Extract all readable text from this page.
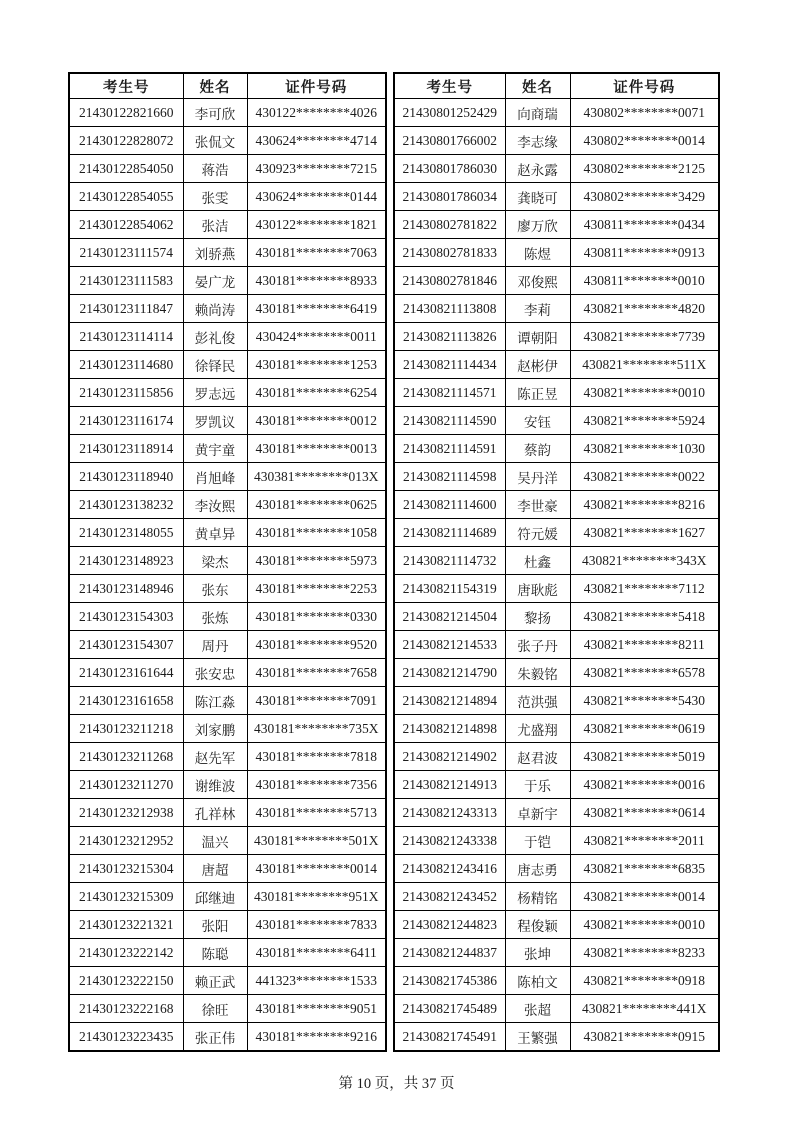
考生号	姓名	证件号码
21430122821660	李可欣	430122********4026
21430122828072	张侃文	430624********4714
21430122854050	蒋浩	430923********7215
21430122854055	张雯	430624********0144
21430122854062	张洁	430122********1821
21430123111574	刘骄燕	430181********7063
21430123111583	晏广龙	430181********8933
21430123111847	赖尚涛	430181********6419
21430123114114	彭礼俊	430424********0011
21430123114680	徐铎民	430181********1253
21430123115856	罗志远	430181********6254
21430123116174	罗凯议	430181********0012
21430123118914	黄宇童	430181********0013
21430123118940	肖旭峰	430381********013X
21430123138232	李汝熙	430181********0625
21430123148055	黄卓异	430181********1058
21430123148923	梁杰	430181********5973
21430123148946	张东	430181********2253
21430123154303	张炼	430181********0330
21430123154307	周丹	430181********9520
21430123161644	张安忠	430181********7658
21430123161658	陈江淼	430181********7091
21430123211218	刘家鹏	430181********735X
21430123211268	赵先军	430181********7818
21430123211270	谢维波	430181********7356
21430123212938	孔祥林	430181********5713
21430123212952	温兴	430181********501X
21430123215304	唐超	430181********0014
21430123215309	邱继迪	430181********951X
21430123221321	张阳	430181********7833
21430123222142	陈聪	430181********6411
21430123222150	赖正武	441323********1533
21430123222168	徐旺	430181********9051
21430123223435	张正伟	430181********9216
考生号	姓名	证件号码
21430801252429	向商瑞	430802********0071
21430801766002	李志缘	430802********0014
21430801786030	赵永露	430802********2125
21430801786034	龚晓可	430802********3429
21430802781822	廖万欣	430811********0434
21430802781833	陈煜	430811********0913
21430802781846	邓俊熙	430811********0010
21430821113808	李莉	430821********4820
21430821113826	谭朝阳	430821********7739
21430821114434	赵彬伊	430821********511X
21430821114571	陈正昱	430821********0010
21430821114590	安钰	430821********5924
21430821114591	蔡韵	430821********1030
21430821114598	吴丹洋	430821********0022
21430821114600	李世豪	430821********8216
21430821114689	符元媛	430821********1627
21430821114732	杜鑫	430821********343X
21430821154319	唐耿彪	430821********7112
21430821214504	黎扬	430821********5418
21430821214533	张子丹	430821********8211
21430821214790	朱毅铭	430821********6578
21430821214894	范洪强	430821********5430
21430821214898	尤盛翔	430821********0619
21430821214902	赵君波	430821********5019
21430821214913	于乐	430821********0016
21430821243313	卓新宇	430821********0614
21430821243338	于铠	430821********2011
21430821243416	唐志勇	430821********6835
21430821243452	杨精铭	430821********0014
21430821244823	程俊颖	430821********0010
21430821244837	张坤	430821********8233
21430821745386	陈柏文	430821********0918
21430821745489	张超	430821********441X
21430821745491	王繁强	430821********0915
第 10 页，共 37 页
